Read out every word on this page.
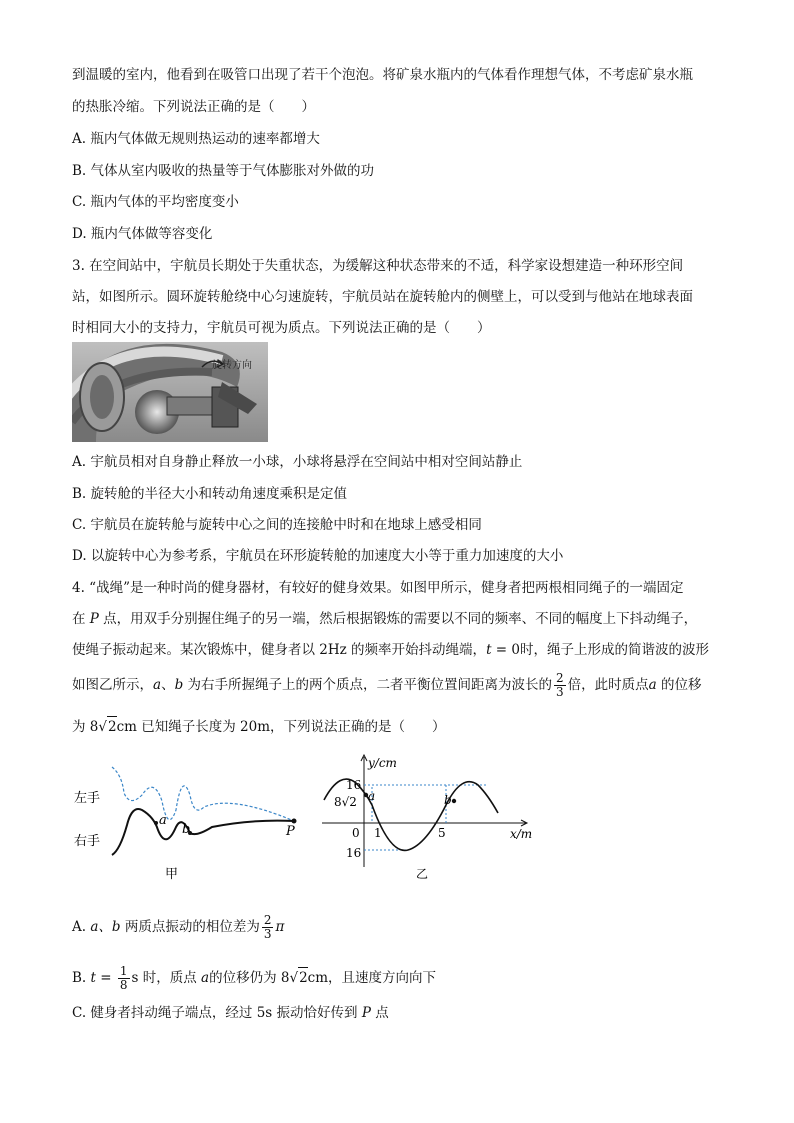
到温暖的室内，他看到在吸管口出现了若干个泡泡。将矿泉水瓶内的气体看作理想气体，不考虑矿泉水瓶
的热胀冷缩。下列说法正确的是（　　）
A. 瓶内气体做无规则热运动的速率都增大
B. 气体从室内吸收的热量等于气体膨胀对外做的功
C. 瓶内气体的平均密度变小
D. 瓶内气体做等容变化
3. 在空间站中，宇航员长期处于失重状态，为缓解这种状态带来的不适，科学家设想建造一种环形空间
站，如图所示。圆环旋转舱绕中心匀速旋转，宇航员站在旋转舱内的侧壁上，可以受到与他站在地球表面
时相同大小的支持力，宇航员可视为质点。下列说法正确的是（　　）
旋转方向
A. 宇航员相对自身静止释放一小球，小球将悬浮在空间站中相对空间站静止
B. 旋转舱的半径大小和转动角速度乘积是定值
C. 宇航员在旋转舱与旋转中心之间的连接舱中时和在地球上感受相同
D. 以旋转中心为参考系，宇航员在环形旋转舱的加速度大小等于重力加速度的大小
4. “战绳”是一种时尚的健身器材，有较好的健身效果。如图甲所示，健身者把两根相同绳子的一端固定
在 P 点，用双手分别握住绳子的另一端，然后根据锻炼的需要以不同的频率、不同的幅度上下抖动绳子，
使绳子振动起来。某次锻炼中，健身者以 2Hz 的频率开始抖动绳端，t = 0时，绳子上形成的简谐波的波形
如图乙所示，a、b 为右手所握绳子上的两个质点，二者平衡位置间距离为波长的 $\frac{2}{3}$ 倍，此时质点a 的位移
为 8√2cm 已知绳子长度为 20m，下列说法正确的是（　　）
左手
右手
a
b	P
甲
y/cm
x/m
16
8√2
0 1	5
16
a	b
乙
A. a、b 两质点振动的相位差为 $\frac{2}{3}$ π
B. $t = \frac{1}{8}$ s 时，质点 a的位移仍为 8√2cm，且速度方向向下
C. 健身者抖动绳子端点，经过 5s 振动恰好传到 P 点
